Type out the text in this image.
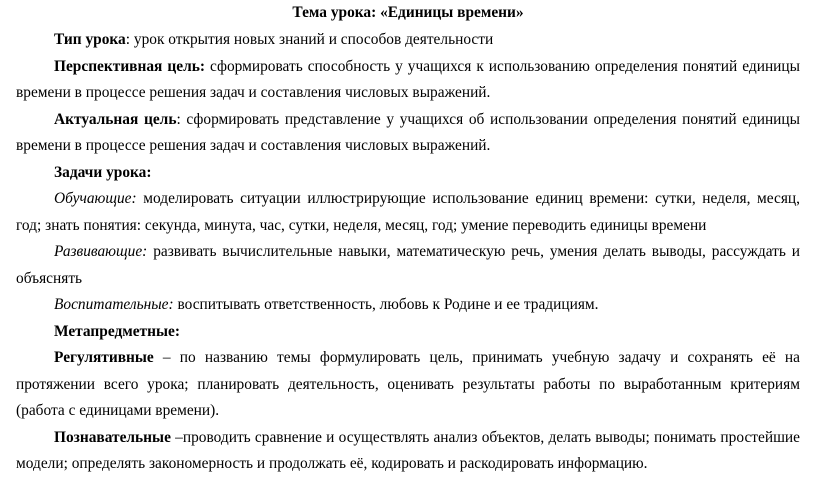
Тема урока: «Единицы времени»

Тип урока: урок открытия новых знаний и способов деятельности

Перспективная цель: сформировать способность у учащихся к использованию определения понятий единицы времени в процессе решения задач и составления числовых выражений.

Актуальная цель: сформировать представление у учащихся об использовании определения понятий единицы времени в процессе решения задач и составления числовых выражений.

Задачи урока:

Обучающие: моделировать ситуации иллюстрирующие использование единиц времени: сутки, неделя, месяц, год; знать понятия: секунда, минута, час, сутки, неделя, месяц, год; умение переводить единицы времени

Развивающие: развивать вычислительные навыки, математическую речь, умения делать выводы, рассуждать и объяснять

Воспитательные: воспитывать ответственность, любовь к Родине и ее традициям.

Метапредметные:

Регулятивные – по названию темы формулировать цель, принимать учебную задачу и сохранять её на протяжении всего урока; планировать деятельность, оценивать результаты работы по выработанным критериям (работа с единицами времени).

Познавательные –проводить сравнение и осуществлять анализ объектов, делать выводы; понимать простейшие модели; определять закономерность и продолжать её, кодировать и раскодировать информацию.
